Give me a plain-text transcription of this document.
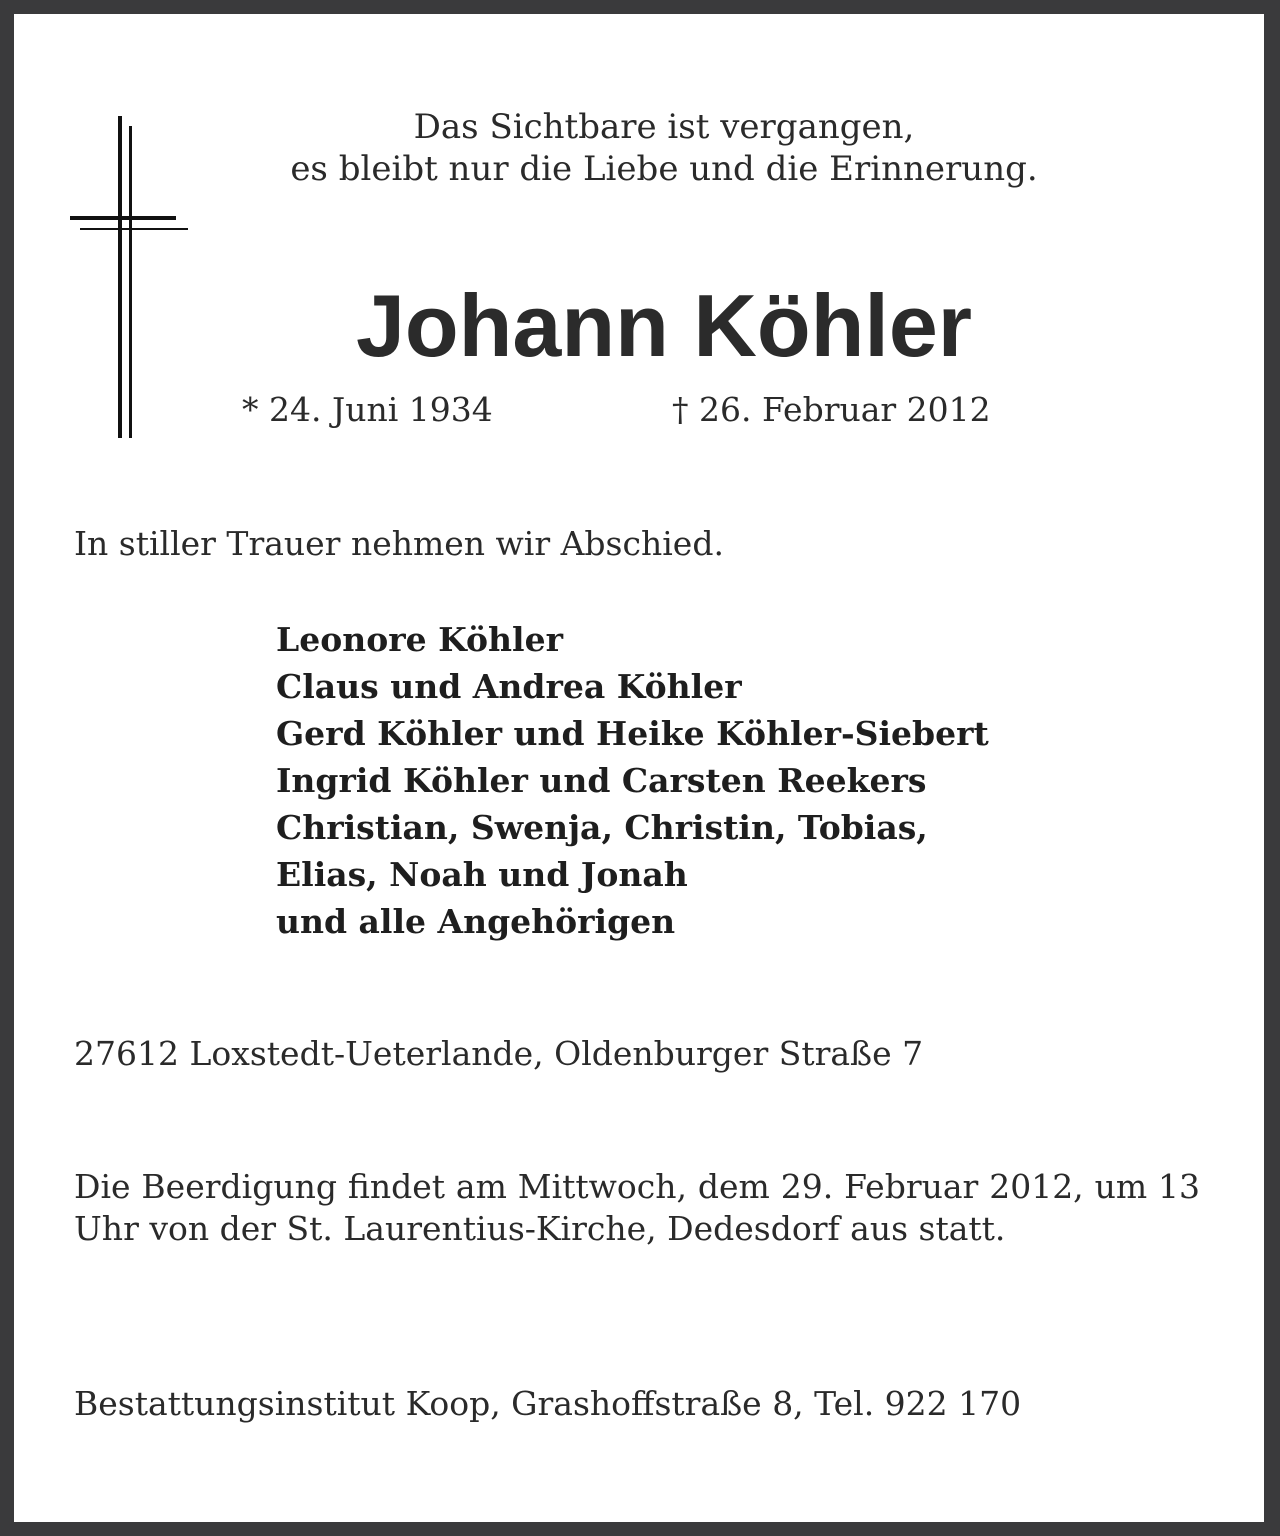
Das Sichtbare ist vergangen,
es bleibt nur die Liebe und die Erinnerung.
Johann Köhler
* 24. Juni 1934	† 26. Februar 2012
In stiller Trauer nehmen wir Abschied.
Leonore Köhler
Claus und Andrea Köhler
Gerd Köhler und Heike Köhler-Siebert
Ingrid Köhler und Carsten Reekers
Christian, Swenja, Christin, Tobias,
Elias, Noah und Jonah
und alle Angehörigen
27612 Loxstedt-Ueterlande, Oldenburger Straße 7
Die Beerdigung findet am Mittwoch, dem 29. Februar 2012, um 13 Uhr von der St. Laurentius-Kirche, Dedesdorf aus statt.
Bestattungsinstitut Koop, Grashoffstraße 8, Tel. 922 170
